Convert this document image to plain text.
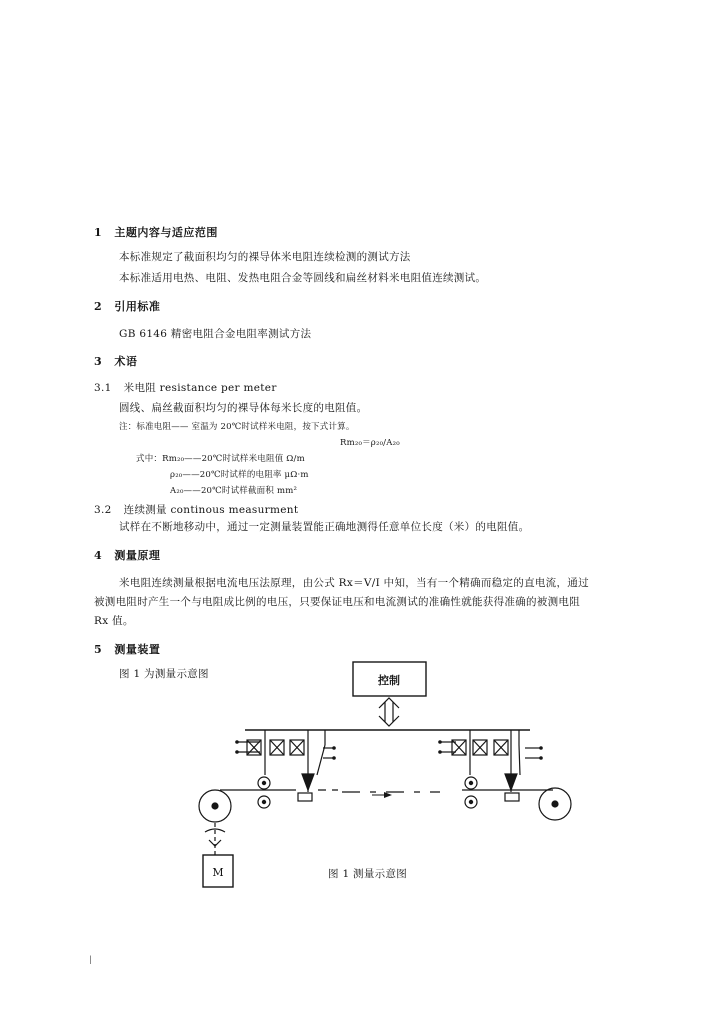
1 主题内容与适应范围
本标准规定了截面积均匀的裸导体米电阻连续检测的测试方法
本标准适用电热、电阻、发热电阻合金等圆线和扁丝材料米电阻值连续测试。
2 引用标准
GB 6146 精密电阻合金电阻率测试方法
3 术语
3.1 米电阻 resistance per meter
圆线、扁丝截面积均匀的裸导体每米长度的电阻值。
注：标准电阻—— 室温为 20℃时试样米电阻，按下式计算。
Rm₂₀＝ρ₂₀/A₂₀
式中：Rm₂₀——20℃时试样米电阻值 Ω/m
ρ₂₀——20℃时试样的电阻率 μΩ·m
A₂₀——20℃时试样截面积 mm²
3.2 连续测量 continous measurment
试样在不断地移动中，通过一定测量装置能正确地测得任意单位长度（米）的电阻值。
4 测量原理
米电阻连续测量根据电流电压法原理，由公式 Rx＝V/I 中知，当有一个精确而稳定的直电流，通过
被测电阻时产生一个与电阻成比例的电压，只要保证电压和电流测试的准确性就能获得准确的被测电阻
Rx 值。
5 测量装置
图 1 为测量示意图	控制
M	图 1 测量示意图
|
